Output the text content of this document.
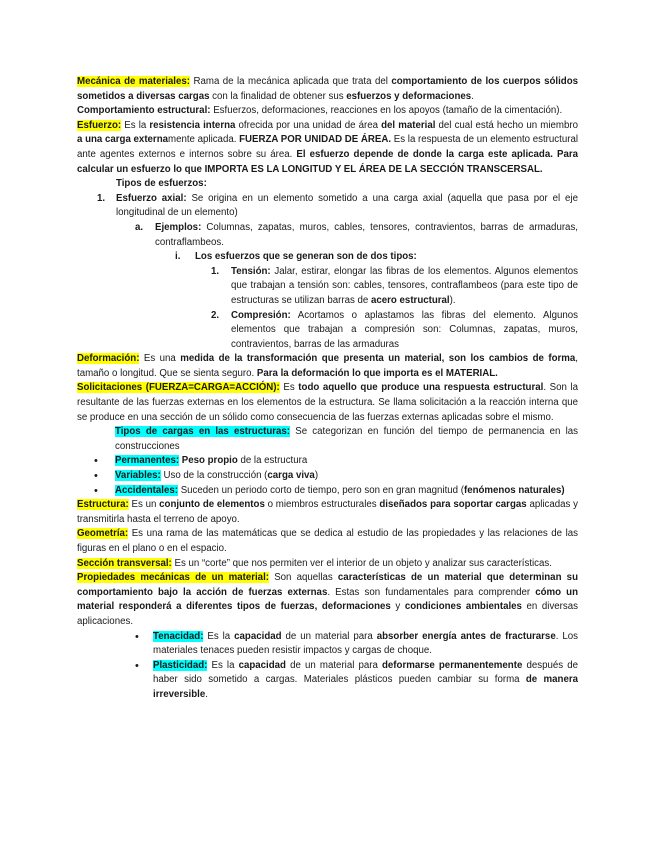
Mecánica de materiales: Rama de la mecánica aplicada que trata del comportamiento de los cuerpos sólidos sometidos a diversas cargas con la finalidad de obtener sus esfuerzos y deformaciones.

Comportamiento estructural: Esfuerzos, deformaciones, reacciones en los apoyos (tamaño de la cimentación).

Esfuerzo: Es la resistencia interna ofrecida por una unidad de área del material del cual está hecho un miembro a una carga externamente aplicada. FUERZA POR UNIDAD DE ÁREA. Es la respuesta de un elemento estructural ante agentes externos e internos sobre su área. El esfuerzo depende de donde la carga este aplicada. Para calcular un esfuerzo lo que IMPORTA ES LA LONGITUD Y EL ÁREA DE LA SECCIÓN TRANSCERSAL.

Tipos de esfuerzos:

1. Esfuerzo axial: Se origina en un elemento sometido a una carga axial (aquella que pasa por el eje longitudinal de un elemento)

a. Ejemplos: Columnas, zapatas, muros, cables, tensores, contravientos, barras de armaduras, contraflambeos.

i. Los esfuerzos que se generan son de dos tipos:

1. Tensión: Jalar, estirar, elongar las fibras de los elementos. Algunos elementos que trabajan a tensión son: cables, tensores, contraflambeos (para este tipo de estructuras se utilizan barras de acero estructural).

2. Compresión: Acortamos o aplastamos las fibras del elemento. Algunos elementos que trabajan a compresión son: Columnas, zapatas, muros, contravientos, barras de las armaduras

Deformación: Es una medida de la transformación que presenta un material, son los cambios de forma, tamaño o longitud. Que se sienta seguro. Para la deformación lo que importa es el MATERIAL.

Solicitaciones (FUERZA=CARGA=ACCIÓN): Es todo aquello que produce una respuesta estructural. Son la resultante de las fuerzas externas en los elementos de la estructura. Se llama solicitación a la reacción interna que se produce en una sección de un sólido como consecuencia de las fuerzas externas aplicadas sobre el mismo.

Tipos de cargas en las estructuras: Se categorizan en función del tiempo de permanencia en las construcciones

• Permanentes: Peso propio de la estructura

• Variables: Uso de la construcción (carga viva)

• Accidentales: Suceden un periodo corto de tiempo, pero son en gran magnitud (fenómenos naturales)

Estructura: Es un conjunto de elementos o miembros estructurales diseñados para soportar cargas aplicadas y transmitirla hasta el terreno de apoyo.

Geometría: Es una rama de las matemáticas que se dedica al estudio de las propiedades y las relaciones de las figuras en el plano o en el espacio.

Sección transversal: Es un “corte” que nos permiten ver el interior de un objeto y analizar sus características.

Propiedades mecánicas de un material: Son aquellas características de un material que determinan su comportamiento bajo la acción de fuerzas externas. Estas son fundamentales para comprender cómo un material responderá a diferentes tipos de fuerzas, deformaciones y condiciones ambientales en diversas aplicaciones.

• Tenacidad: Es la capacidad de un material para absorber energía antes de fracturarse. Los materiales tenaces pueden resistir impactos y cargas de choque.

• Plasticidad: Es la capacidad de un material para deformarse permanentemente después de haber sido sometido a cargas. Materiales plásticos pueden cambiar su forma de manera irreversible.
